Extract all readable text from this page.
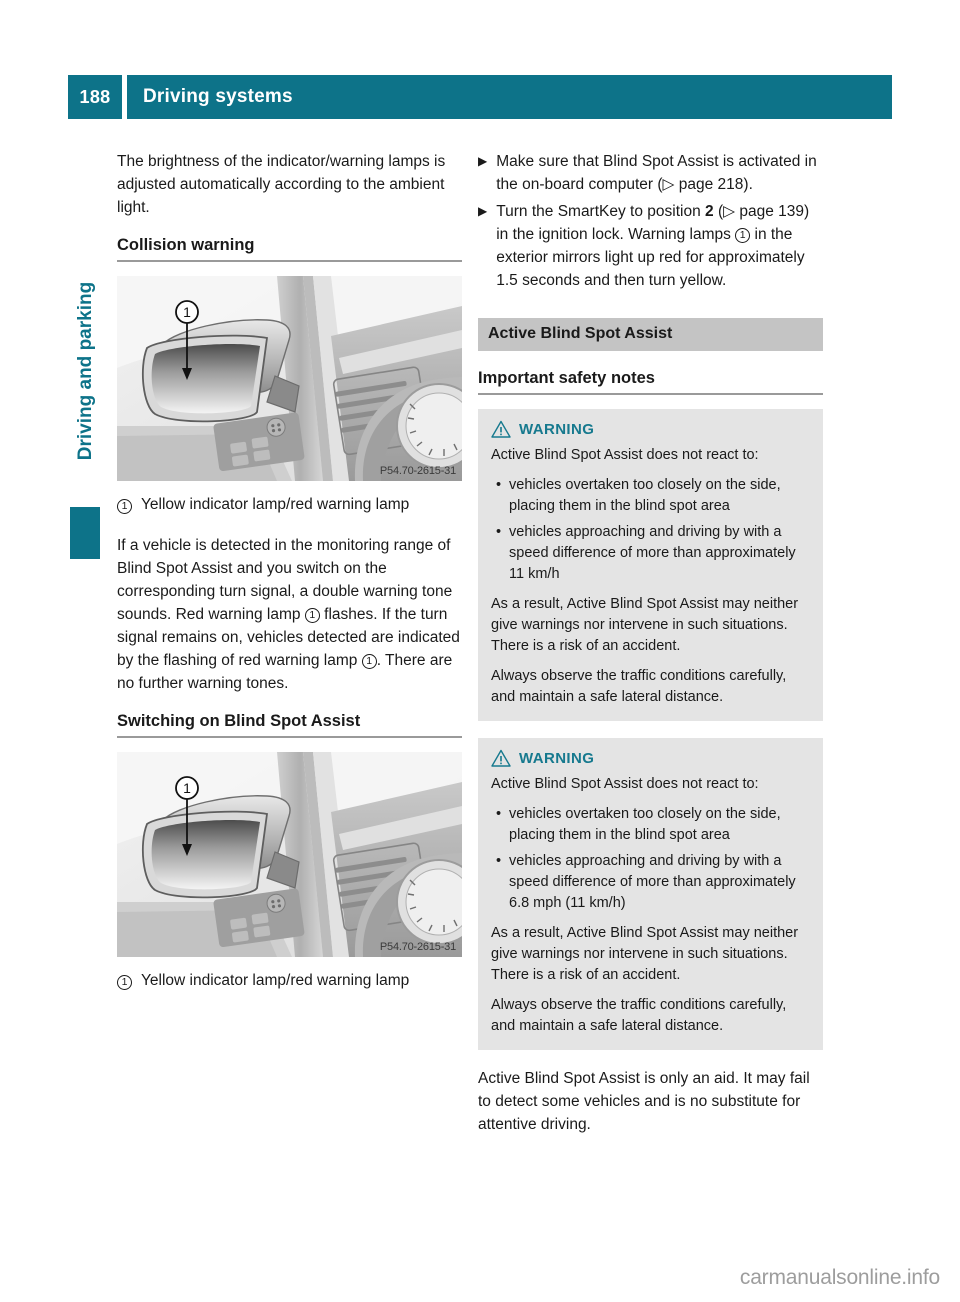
188	Driving systems
Driving and parking

The brightness of the indicator/warning lamps is adjusted automatically according to the ambient light.

Collision warning
1
P54.70-2615-31
1 Yellow indicator lamp/red warning lamp

If a vehicle is detected in the monitoring range of Blind Spot Assist and you switch on the corresponding turn signal, a double warning tone sounds. Red warning lamp 1 flashes. If the turn signal remains on, vehicles detected are indicated by the flashing of red warning lamp 1 . There are no further warning tones.

Switching on Blind Spot Assist
1
P54.70-2615-31
1 Yellow indicator lamp/red warning lamp
▶ Make sure that Blind Spot Assist is activated in the on-board computer (▷ page 218).
▶ Turn the SmartKey to position 2 (▷ page 139) in the ignition lock. Warning lamps 1 in the exterior mirrors light up red for approximately 1.5 seconds and then turn yellow.
Active Blind Spot Assist
Important safety notes
WARNING

Active Blind Spot Assist does not react to:

• vehicles overtaken too closely on the side, placing them in the blind spot area
• vehicles approaching and driving by with a speed difference of more than approximately 11 km/h

As a result, Active Blind Spot Assist may neither give warnings nor intervene in such situations. There is a risk of an accident.

Always observe the traffic conditions carefully, and maintain a safe lateral distance.

WARNING

Active Blind Spot Assist does not react to:

• vehicles overtaken too closely on the side, placing them in the blind spot area
• vehicles approaching and driving by with a speed difference of more than approximately 6.8 mph (11 km/h)

As a result, Active Blind Spot Assist may neither give warnings nor intervene in such situations. There is a risk of an accident.

Always observe the traffic conditions carefully, and maintain a safe lateral distance.

Active Blind Spot Assist is only an aid. It may fail to detect some vehicles and is no substitute for attentive driving.

carmanualsonline.info
